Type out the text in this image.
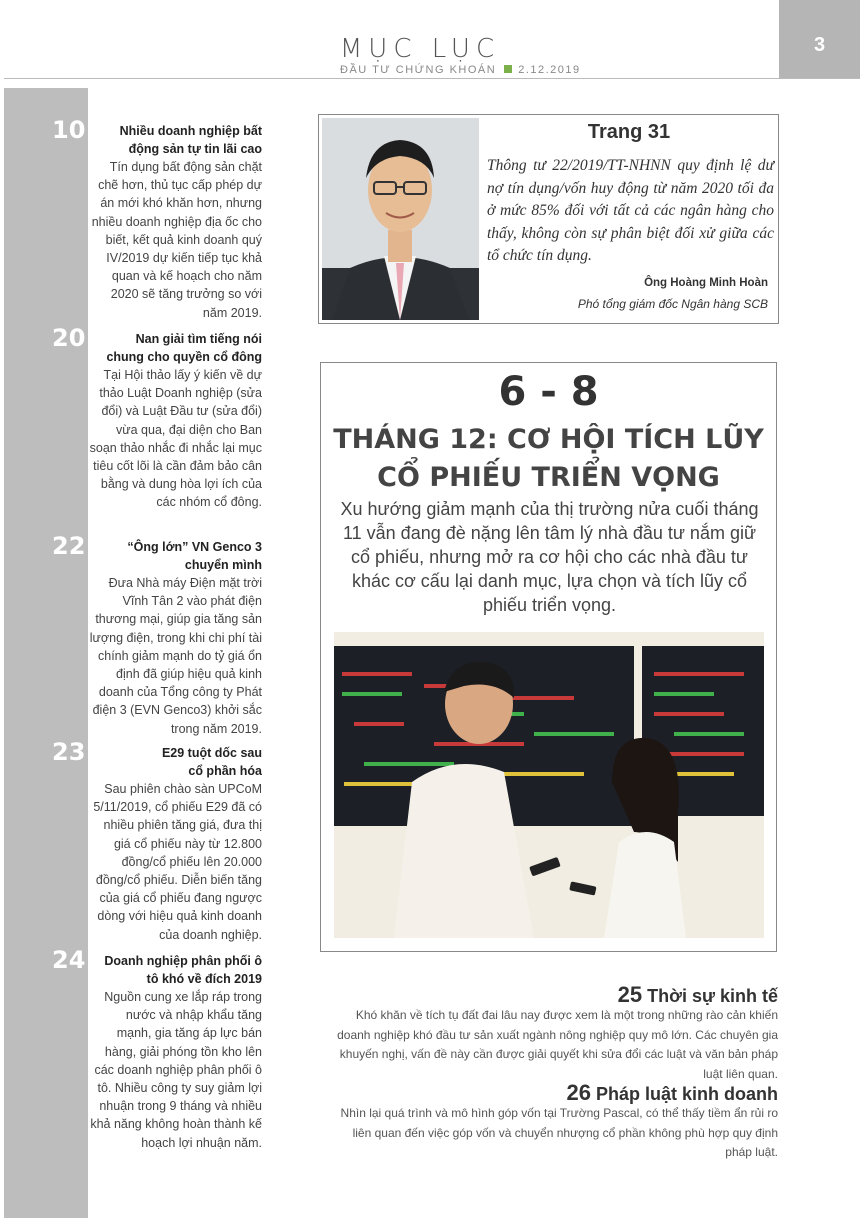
MỤC LỤC
ĐẦU TƯ CHỨNG KHOÁN 2.12.2019
3
10	Nhiều doanh nghiệp bất động sản tự tin lãi cao
Tín dụng bất động sản chặt chẽ hơn, thủ tục cấp phép dự án mới khó khăn hơn, nhưng nhiều doanh nghiệp địa ốc cho biết, kết quả kinh doanh quý IV/2019 dự kiến tiếp tục khả quan và kế hoạch cho năm 2020 sẽ tăng trưởng so với năm 2019.
20	Nan giải tìm tiếng nói chung cho quyền cổ đông
Tại Hội thảo lấy ý kiến về dự thảo Luật Doanh nghiệp (sửa đổi) và Luật Đầu tư (sửa đổi) vừa qua, đại diện cho Ban soạn thảo nhắc đi nhắc lại mục tiêu cốt lõi là cần đảm bảo cân bằng và dung hòa lợi ích của các nhóm cổ đông.
22	“Ông lớn” VN Genco 3 chuyển mình
Đưa Nhà máy Điện mặt trời Vĩnh Tân 2 vào phát điện thương mại, giúp gia tăng sản lượng điện, trong khi chi phí tài chính giảm mạnh do tỷ giá ổn định đã giúp hiệu quả kinh doanh của Tổng công ty Phát điện 3 (EVN Genco3) khởi sắc trong năm 2019.
23	E29 tuột dốc sau cổ phần hóa
Sau phiên chào sàn UPCoM 5/11/2019, cổ phiếu E29 đã có nhiều phiên tăng giá, đưa thị giá cổ phiếu này từ 12.800 đồng/cổ phiếu lên 20.000 đồng/cổ phiếu. Diễn biến tăng của giá cổ phiếu đang ngược dòng với hiệu quả kinh doanh của doanh nghiệp.
24	Doanh nghiệp phân phối ô tô khó về đích 2019
Nguồn cung xe lắp ráp trong nước và nhập khẩu tăng mạnh, gia tăng áp lực bán hàng, giải phóng tồn kho lên các doanh nghiệp phân phối ô tô. Nhiều công ty suy giảm lợi nhuận trong 9 tháng và nhiều khả năng không hoàn thành kế hoạch lợi nhuận năm.
Trang 31
Thông tư 22/2019/TT-NHNN quy định lệ dư nợ tín dụng/vốn huy động từ năm 2020 tối đa ở mức 85% đối với tất cả các ngân hàng cho thấy, không còn sự phân biệt đối xử giữa các tổ chức tín dụng.
Ông Hoàng Minh Hoàn
Phó tổng giám đốc Ngân hàng SCB
6 - 8
THÁNG 12: CƠ HỘI TÍCH LŨY
CỔ PHIẾU TRIỂN VỌNG
Xu hướng giảm mạnh của thị trường nửa cuối tháng 11 vẫn đang đè nặng lên tâm lý nhà đầu tư nắm giữ cổ phiếu, nhưng mở ra cơ hội cho các nhà đầu tư khác cơ cấu lại danh mục, lựa chọn và tích lũy cổ phiếu triển vọng.
25 Thời sự kinh tế
Khó khăn về tích tụ đất đai lâu nay được xem là một trong những rào cản khiến doanh nghiệp khó đầu tư sản xuất ngành nông nghiệp quy mô lớn. Các chuyên gia khuyến nghị, vấn đề này cần được giải quyết khi sửa đổi các luật và văn bản pháp luật liên quan.
26 Pháp luật kinh doanh
Nhìn lại quá trình và mô hình góp vốn tại Trường Pascal, có thể thấy tiềm ẩn rủi ro liên quan đến việc góp vốn và chuyển nhượng cổ phần không phù hợp quy định pháp luật.
